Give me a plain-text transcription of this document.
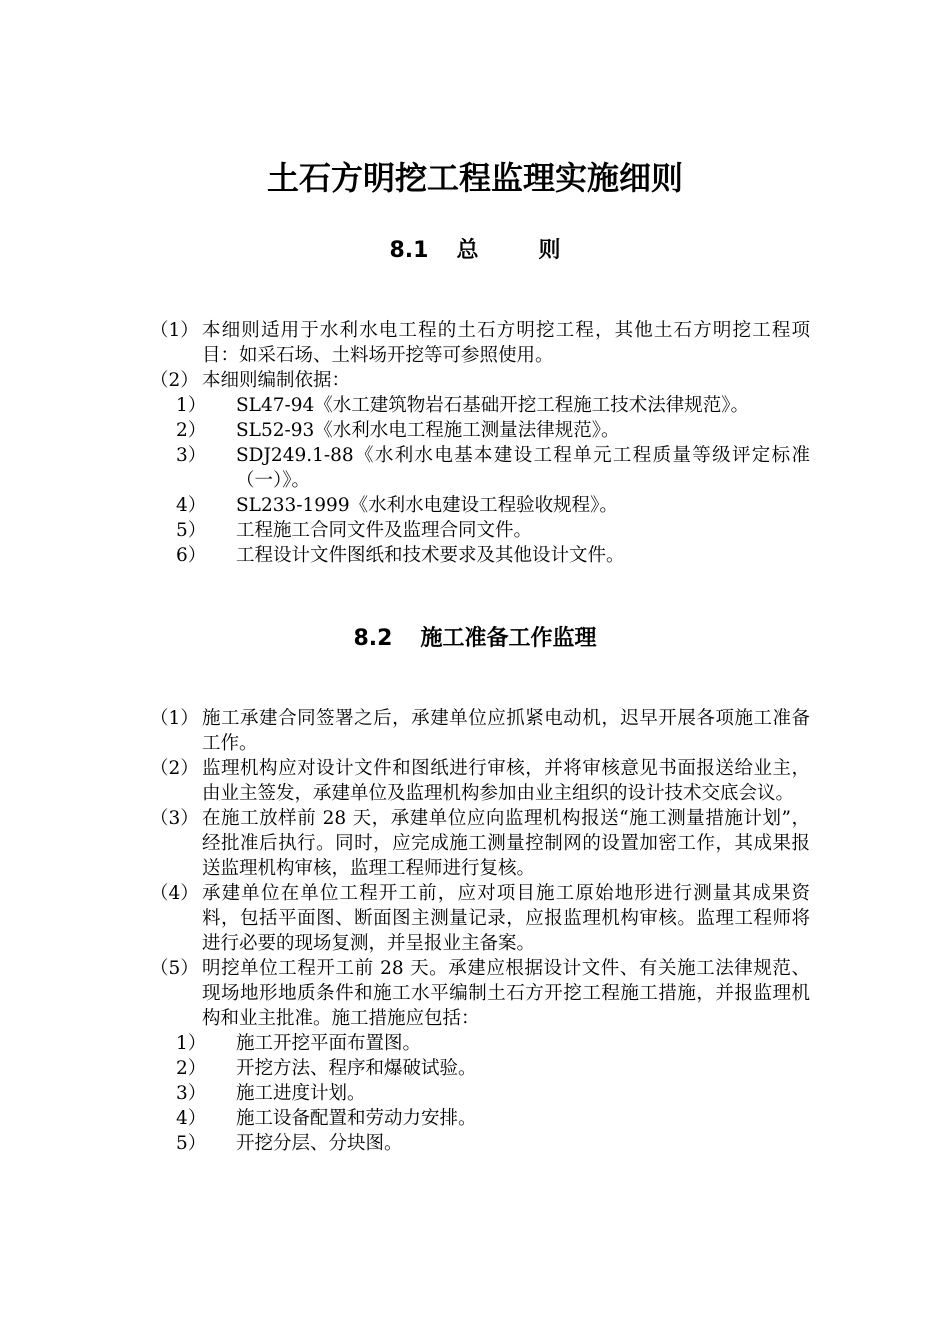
土石方明挖工程监理实施细则
8.1 总则
（1） 本细则适用于水利水电工程的土石方明挖工程，其他土石方明挖工程项目：如采石场、土料场开挖等可参照使用。
（2） 本细则编制依据：
1） SL47-94《水工建筑物岩石基础开挖工程施工技术法律规范》。
2） SL52-93《水利水电工程施工测量法律规范》。
3） SDJ249.1-88《水利水电基本建设工程单元工程质量等级评定标准（一）》。
4） SL233-1999《水利水电建设工程验收规程》。
5） 工程施工合同文件及监理合同文件。
6） 工程设计文件图纸和技术要求及其他设计文件。
8.2 施工准备工作监理
（1） 施工承建合同签署之后，承建单位应抓紧电动机，迟早开展各项施工准备工作。
（2） 监理机构应对设计文件和图纸进行审核，并将审核意见书面报送给业主，由业主签发，承建单位及监理机构参加由业主组织的设计技术交底会议。
（3） 在施工放样前 28 天，承建单位应向监理机构报送“施工测量措施计划”，经批准后执行。同时，应完成施工测量控制网的设置加密工作，其成果报送监理机构审核，监理工程师进行复核。
（4） 承建单位在单位工程开工前，应对项目施工原始地形进行测量其成果资料，包括平面图、断面图主测量记录，应报监理机构审核。监理工程师将进行必要的现场复测，并呈报业主备案。
（5） 明挖单位工程开工前 28 天。承建应根据设计文件、有关施工法律规范、现场地形地质条件和施工水平编制土石方开挖工程施工措施，并报监理机构和业主批准。施工措施应包括：
1） 施工开挖平面布置图。
2） 开挖方法、程序和爆破试验。
3） 施工进度计划。
4） 施工设备配置和劳动力安排。
5） 开挖分层、分块图。
